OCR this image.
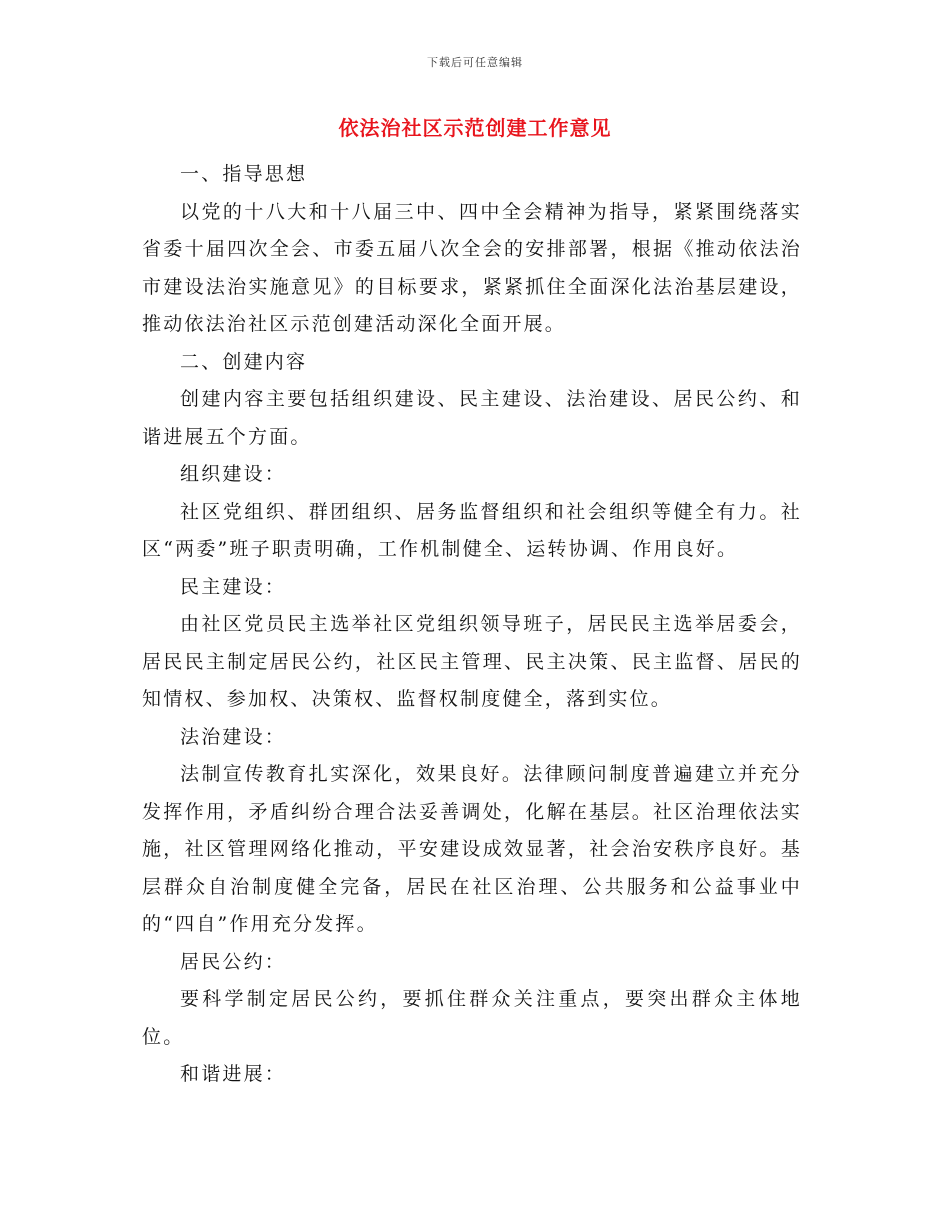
下载后可任意编辑
依法治社区示范创建工作意见

一、指导思想

以党的十八大和十八届三中、四中全会精神为指导，紧紧围绕落实省委十届四次全会、市委五届八次全会的安排部署，根据《推动依法治市建设法治实施意见》的目标要求，紧紧抓住全面深化法治基层建设，推动依法治社区示范创建活动深化全面开展。

二、创建内容

创建内容主要包括组织建设、民主建设、法治建设、居民公约、和谐进展五个方面。

组织建设：

社区党组织、群团组织、居务监督组织和社会组织等健全有力。社区“两委”班子职责明确，工作机制健全、运转协调、作用良好。

民主建设：

由社区党员民主选举社区党组织领导班子，居民民主选举居委会，居民民主制定居民公约，社区民主管理、民主决策、民主监督、居民的知情权、参加权、决策权、监督权制度健全，落到实位。

法治建设：

法制宣传教育扎实深化，效果良好。法律顾问制度普遍建立并充分发挥作用，矛盾纠纷合理合法妥善调处，化解在基层。社区治理依法实施，社区管理网络化推动，平安建设成效显著，社会治安秩序良好。基层群众自治制度健全完备，居民在社区治理、公共服务和公益事业中的“四自”作用充分发挥。

居民公约：

要科学制定居民公约，要抓住群众关注重点，要突出群众主体地位。

和谐进展：
